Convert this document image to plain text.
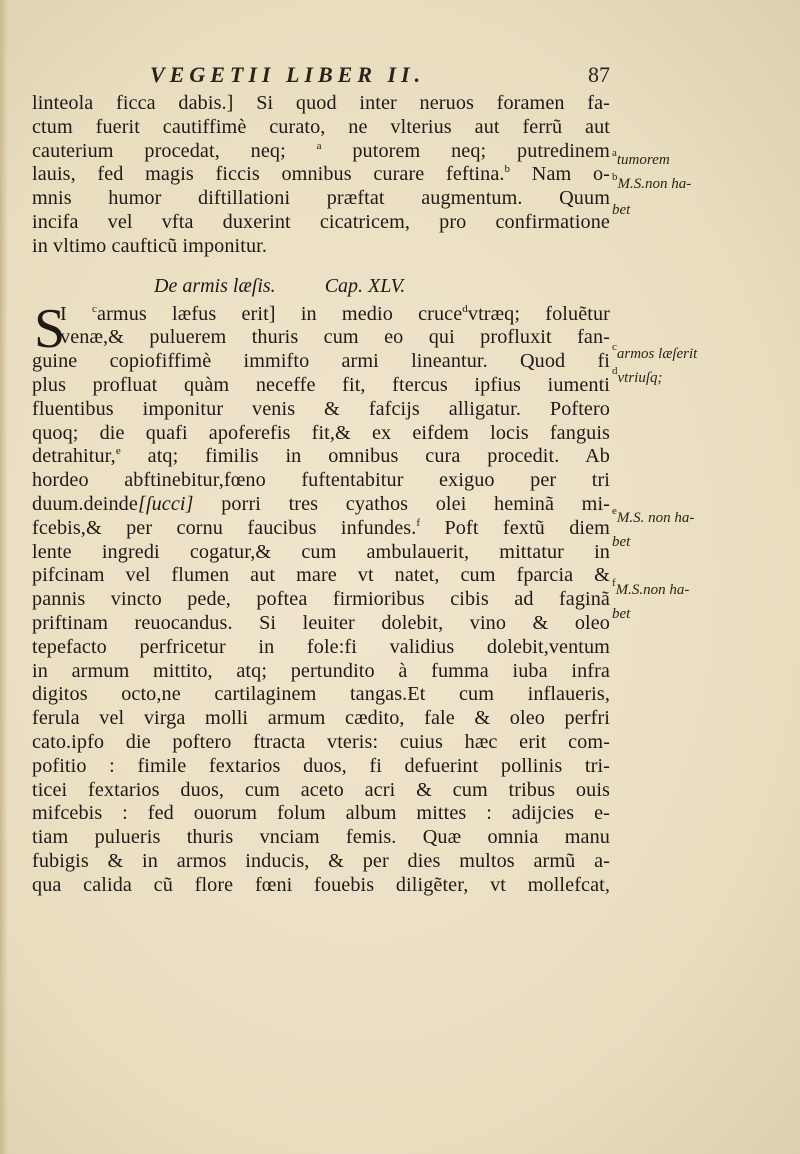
VEGETII LIBER II.	87
linteola ficca dabis.] Si quod inter neruos foramen fa-
ctum fuerit cautiffimè curato, ne vlterius aut ferrũ aut
cauterium procedat, neq; $^a$ putorem neq; putredinem
lauis, fed magis ficcis omnibus curare feftina.$^b$ Nam o-
mnis humor diftillationi præftat augmentum. Quum
incifa vel vfta duxerint cicatricem, pro confirmatione
in vltimo caufticũ imponitur.
De armis læſis. Cap. XLV.
S
I $^c$armus læfus erit] in medio cruce$^d$vtræq; foluẽtur
venæ,& puluerem thuris cum eo qui profluxit fan-
guine copiofiffimè immifto armi lineantur. Quod fi
plus profluat quàm neceffe fit, ftercus ipfius iumenti
fluentibus imponitur venis & fafcijs alligatur. Poftero
quoq; die quafi apoferefis fit,& ex eifdem locis fanguis
detrahitur,$^e$ atq; fimilis in omnibus cura procedit. Ab
hordeo abftinebitur,fœno fuftentabitur exiguo per tri
duum.deinde[ſucci] porri tres cyathos olei heminã mi-
fcebis,& per cornu faucibus infundes.$^f$ Poft fextũ diem
lente ingredi cogatur,& cum ambulauerit, mittatur in
pifcinam vel flumen aut mare vt natet, cum fparcia &
pannis vincto pede, poftea firmioribus cibis ad faginã
priftinam reuocandus. Si leuiter dolebit, vino & oleo
tepefacto perfricetur in fole:fi validius dolebit,ventum
in armum mittito, atq; pertundito à fumma iuba infra
digitos octo,ne cartilaginem tangas.Et cum inflaueris,
ferula vel virga molli armum cædito, fale & oleo perfri
cato.ipfo die poftero ftracta vteris: cuius hæc erit com-
pofitio : fimile fextarios duos, fi defuerint pollinis tri-
ticei fextarios duos, cum aceto acri & cum tribus ouis
mifcebis : fed ouorum folum album mittes : adijcies e-
tiam pulueris thuris vnciam femis. Quæ omnia manu
fubigis & in armos inducis, & per dies multos armũ a-
qua calida cũ flore fœni fouebis diligẽter, vt mollefcat,
$^a$tumorem
$^b$M.S.non ha-
bet
$^c$armos læſerit
$^d$vtriuſq;
$^e$M.S. non ha-
bet
$^f$M.S.non ha-
bet
